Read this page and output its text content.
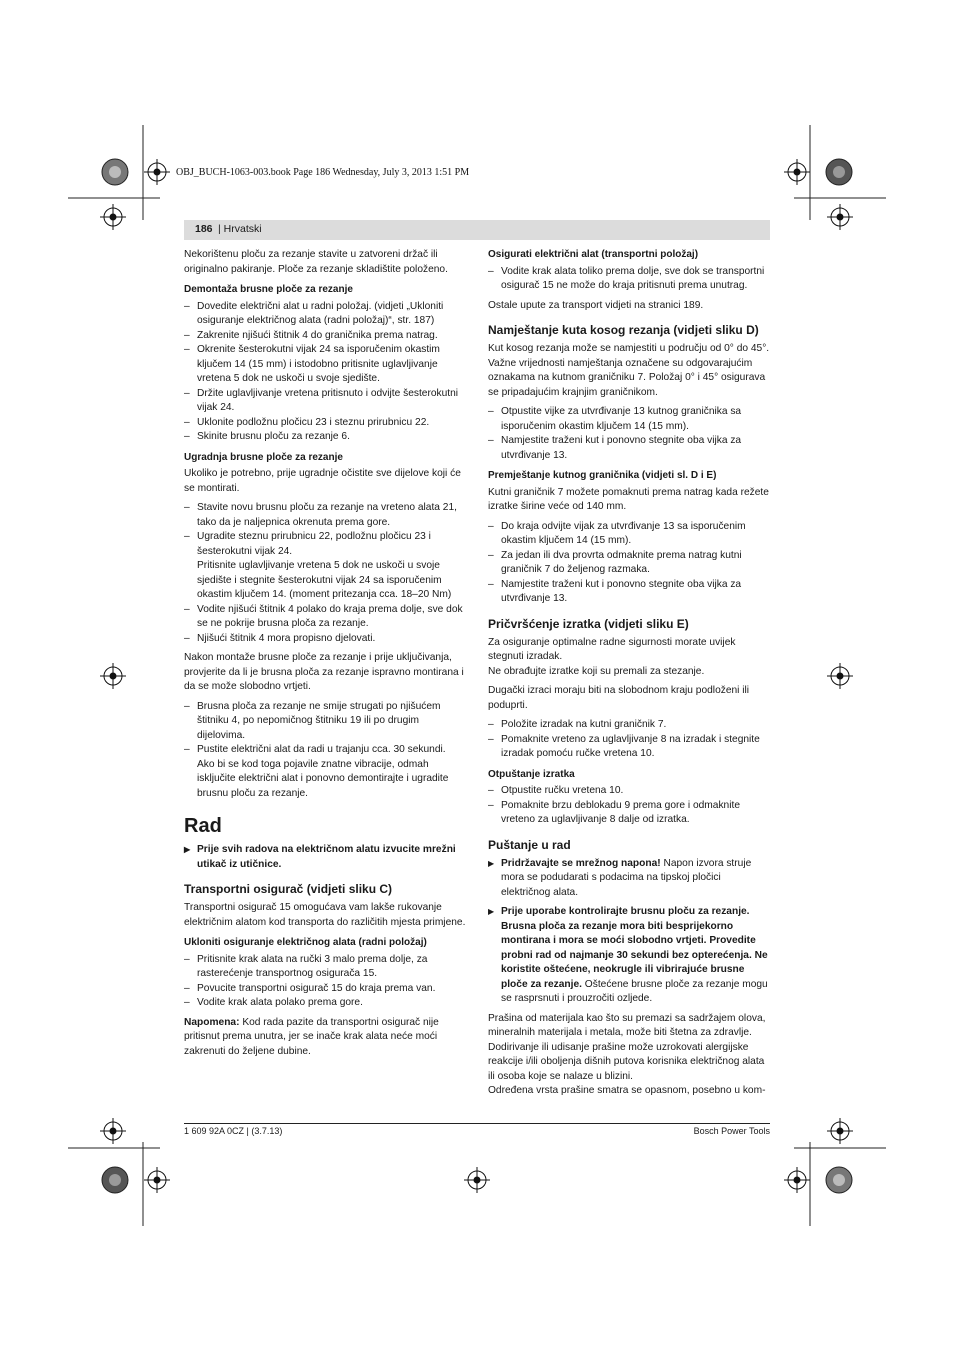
OBJ_BUCH-1063-003.book Page 186 Wednesday, July 3, 2013 1:51 PM
186 | Hrvatski

Nekorištenu ploču za rezanje stavite u zatvoreni držač ili originalno pakiranje. Ploče za rezanje skladištite položeno.

Demontaža brusne ploče za rezanje
– Dovedite električni alat u radni položaj. (vidjeti „Ukloniti osiguranje električnog alata (radni položaj)“, str. 187)
– Zakrenite njišući štitnik 4 do graničnika prema natrag.
– Okrenite šesterokutni vijak 24 sa isporučenim okastim ključem 14 (15 mm) i istodobno pritisnite uglavljivanje vretena 5 dok ne uskoči u svoje sjedište.
– Držite uglavljivanje vretena pritisnuto i odvijte šesterokutni vijak 24.
– Uklonite podložnu pločicu 23 i steznu prirubnicu 22.
– Skinite brusnu ploču za rezanje 6.
Ugradnja brusne ploče za rezanje

Ukoliko je potrebno, prije ugradnje očistite sve dijelove koji će se montirati.

– Stavite novu brusnu ploču za rezanje na vreteno alata 21, tako da je naljepnica okrenuta prema gore.
– Ugradite steznu prirubnicu 22, podložnu pločicu 23 i šesterokutni vijak 24.
Pritisnite uglavljivanje vretena 5 dok ne uskoči u svoje sjedište i stegnite šesterokutni vijak 24 sa isporučenim okastim ključem 14. (moment pritezanja cca. 18–20 Nm)
– Vodite njišući štitnik 4 polako do kraja prema dolje, sve dok se ne pokrije brusna ploča za rezanje.
– Njišući štitnik 4 mora propisno djelovati.

Nakon montaže brusne ploče za rezanje i prije uključivanja, provjerite da li je brusna ploča za rezanje ispravno montirana i da se može slobodno vrtjeti.

– Brusna ploča za rezanje ne smije strugati po njišućem štitniku 4, po nepomičnog štitniku 19 ili po drugim dijelovima.
– Pustite električni alat da radi u trajanju cca. 30 sekundi.
Ako bi se kod toga pojavile znatne vibracije, odmah isključite električni alat i ponovno demontirajte i ugradite brusnu ploču za rezanje.
Rad
▶ Prije svih radova na električnom alatu izvucite mrežni utikač iz utičnice.
Transportni osigurač (vidjeti sliku C)

Transportni osigurač 15 omogućava vam lakše rukovanje električnim alatom kod transporta do različitih mjesta primjene.

Ukloniti osiguranje električnog alata (radni položaj)
– Pritisnite krak alata na ručki 3 malo prema dolje, za rasterećenje transportnog osigurača 15.
– Povucite transportni osigurač 15 do kraja prema van.
– Vodite krak alata polako prema gore.

Napomena: Kod rada pazite da transportni osigurač nije pritisnut prema unutra, jer se inače krak alata neće moći zakrenuti do željene dubine.

Osigurati električni alat (transportni položaj)
– Vodite krak alata toliko prema dolje, sve dok se transportni osigurač 15 ne može do kraja pritisnuti prema unutrag.

Ostale upute za transport vidjeti na stranici 189.

Namještanje kuta kosog rezanja (vidjeti sliku D)

Kut kosog rezanja može se namjestiti u području od 0° do 45°.

Važne vrijednosti namještanja označene su odgovarajućim oznakama na kutnom graničniku 7. Položaj 0° i 45° osigurava se pripadajućim krajnjim graničnikom.

– Otpustite vijke za utvrđivanje 13 kutnog graničnika sa isporučenim okastim ključem 14 (15 mm).
– Namjestite traženi kut i ponovno stegnite oba vijka za utvrđivanje 13.
Premještanje kutnog graničnika (vidjeti sl. D i E)

Kutni graničnik 7 možete pomaknuti prema natrag kada režete izratke širine veće od 140 mm.

– Do kraja odvijte vijak za utvrđivanje 13 sa isporučenim okastim ključem 14 (15 mm).
– Za jedan ili dva provrta odmaknite prema natrag kutni graničnik 7 do željenog razmaka.
– Namjestite traženi kut i ponovno stegnite oba vijka za utvrđivanje 13.
Pričvršćenje izratka (vidjeti sliku E)

Za osiguranje optimalne radne sigurnosti morate uvijek stegnuti izradak.

Ne obrađujte izratke koji su premali za stezanje.

Dugački izraci moraju biti na slobodnom kraju podloženi ili poduprti.

– Položite izradak na kutni graničnik 7.
– Pomaknite vreteno za uglavljivanje 8 na izradak i stegnite izradak pomoću ručke vretena 10.
Otpuštanje izratka
– Otpustite ručku vretena 10.
– Pomaknite brzu deblokadu 9 prema gore i odmaknite vreteno za uglavljivanje 8 dalje od izratka.
Puštanje u rad
▶ Pridržavajte se mrežnog napona! Napon izvora struje mora se podudarati s podacima na tipskoj pločici električnog alata.
▶ Prije uporabe kontrolirajte brusnu ploču za rezanje. Brusna ploča za rezanje mora biti besprijekorno montirana i mora se moći slobodno vrtjeti. Provedite probni rad od najmanje 30 sekundi bez opterećenja. Ne koristite oštećene, neokrugle ili vibrirajuće brusne ploče za rezanje. Oštećene brusne ploče za rezanje mogu se rasprsnuti i prouzročiti ozljede.

Prašina od materijala kao što su premazi sa sadržajem olova, mineralnih materijala i metala, može biti štetna za zdravlje. Dodirivanje ili udisanje prašine može uzrokovati alergijske reakcije i/ili oboljenja dišnih putova korisnika električnog alata ili osoba koje se nalaze u blizini.

Određena vrsta prašine smatra se opasnom, posebno u kom-

1 609 92A 0CZ | (3.7.13)	Bosch Power Tools
